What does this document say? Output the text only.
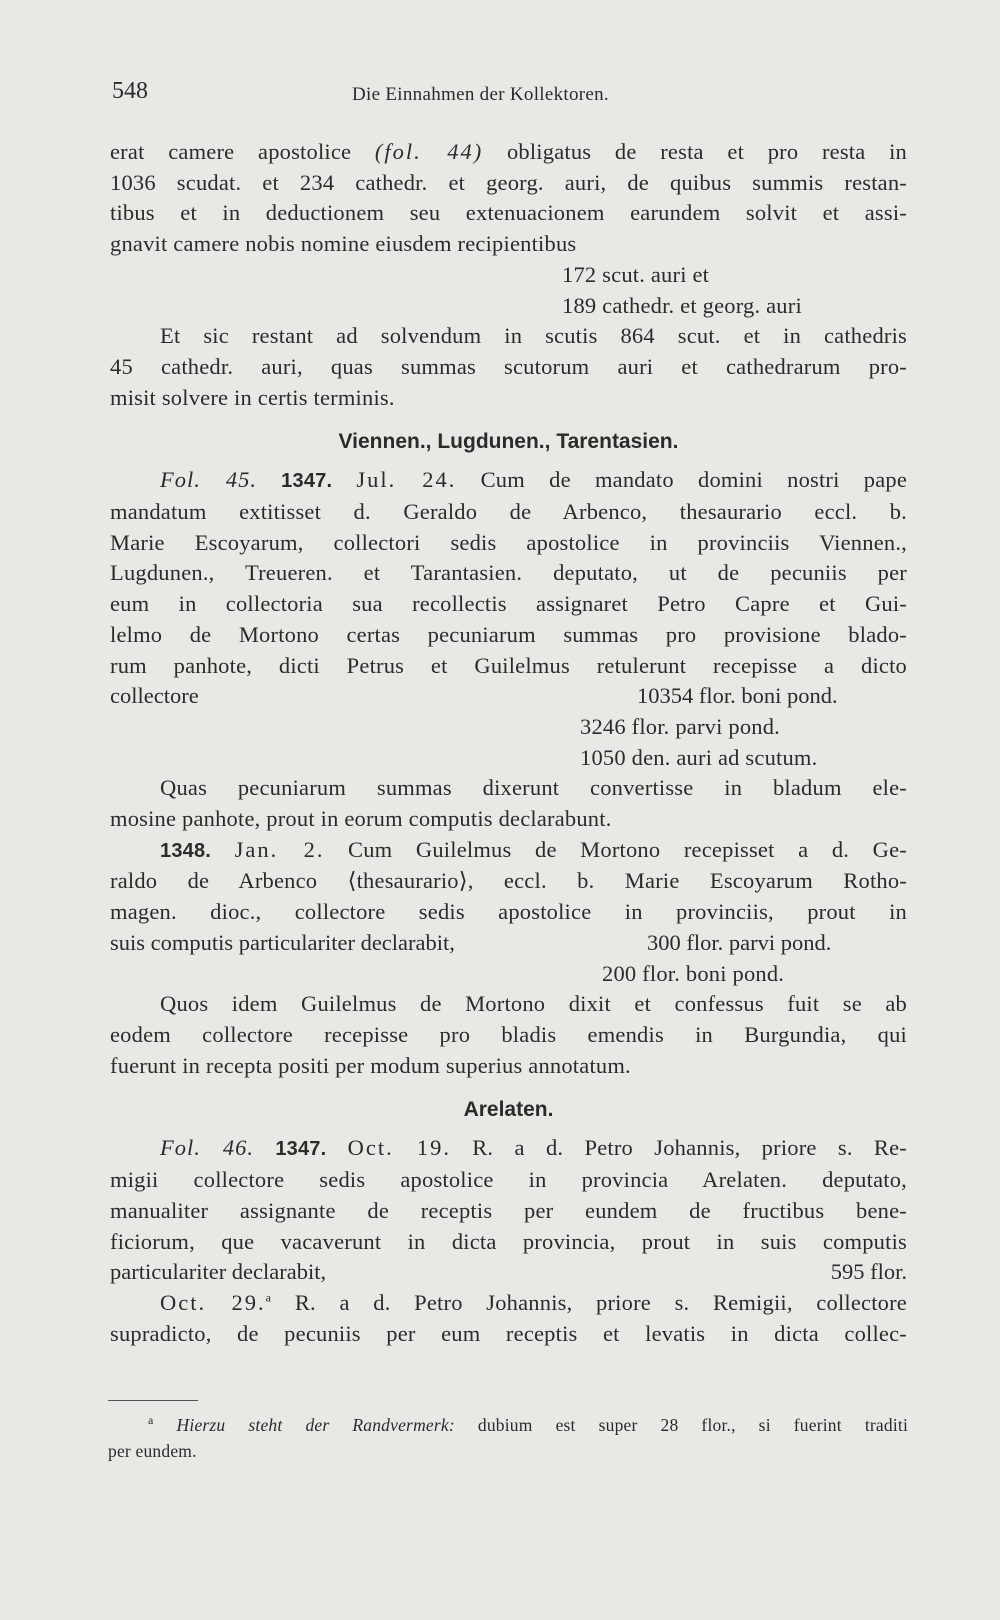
548	Die Einnahmen der Kollektoren.
erat camere apostolice (fol. 44) obligatus de resta et pro resta in
1036 scudat. et 234 cathedr. et georg. auri, de quibus summis restan-
tibus et in deductionem seu extenuacionem earundem solvit et assi-
gnavit camere nobis nomine eiusdem recipientibus
172 scut. auri et
189 cathedr. et georg. auri
Et sic restant ad solvendum in scutis 864 scut. et in cathedris
45 cathedr. auri, quas summas scutorum auri et cathedrarum pro-
misit solvere in certis terminis.
Viennen., Lugdunen., Tarentasien.
Fol. 45. 1347. Jul. 24. Cum de mandato domini nostri pape
mandatum extitisset d. Geraldo de Arbenco, thesaurario eccl. b.
Marie Escoyarum, collectori sedis apostolice in provinciis Viennen.,
Lugdunen., Treueren. et Tarantasien. deputato, ut de pecuniis per
eum in collectoria sua recollectis assignaret Petro Capre et Gui-
lelmo de Mortono certas pecuniarum summas pro provisione blado-
rum panhote, dicti Petrus et Guilelmus retulerunt recepisse a dicto
collectore	10354 flor. boni pond.
3246 flor. parvi pond.
1050 den. auri ad scutum.
Quas pecuniarum summas dixerunt convertisse in bladum ele-
mosine panhote, prout in eorum computis declarabunt.
1348. Jan. 2. Cum Guilelmus de Mortono recepisset a d. Ge-
raldo de Arbenco ⟨thesaurario⟩, eccl. b. Marie Escoyarum Rotho-
magen. dioc., collectore sedis apostolice in provinciis, prout in
suis computis particulariter declarabit,	300 flor. parvi pond.
200 flor. boni pond.
Quos idem Guilelmus de Mortono dixit et confessus fuit se ab
eodem collectore recepisse pro bladis emendis in Burgundia, qui
fuerunt in recepta positi per modum superius annotatum.
Arelaten.
Fol. 46. 1347. Oct. 19. R. a d. Petro Johannis, priore s. Re-
migii collectore sedis apostolice in provincia Arelaten. deputato,
manualiter assignante de receptis per eundem de fructibus bene-
ficiorum, que vacaverunt in dicta provincia, prout in suis computis
particulariter declarabit,	595 flor.
Oct. 29.$^a$ R. a d. Petro Johannis, priore s. Remigii, collectore
supradicto, de pecuniis per eum receptis et levatis in dicta collec-
$^a$ Hierzu steht der Randvermerk: dubium est super 28 flor., si fuerint traditi
per eundem.
